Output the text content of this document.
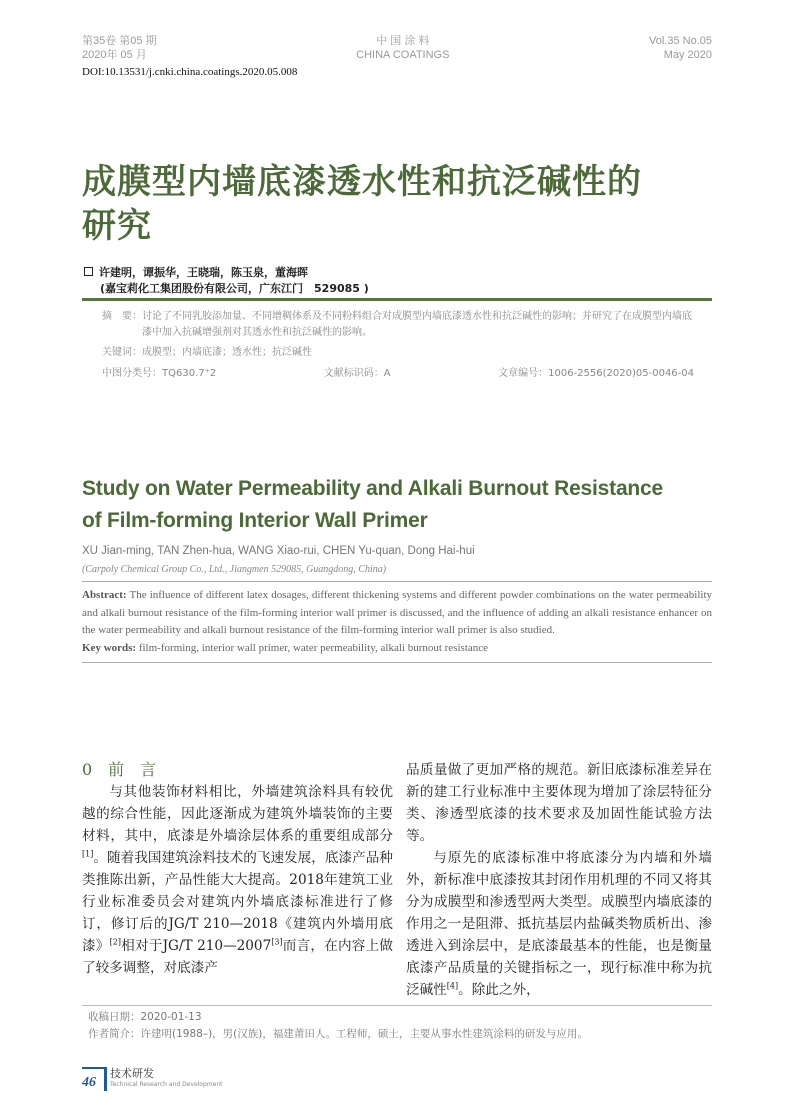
第35卷 第05 期
2020年 05 月
中 国 涂 料
CHINA COATINGS
Vol.35 No.05
May 2020
DOI:10.13531/j.cnki.china.coatings.2020.05.008
成膜型内墙底漆透水性和抗泛碱性的
研究
许建明，谭振华，王晓瑞，陈玉泉，董海晖
(嘉宝莉化工集团股份有限公司，广东江门　529085 )
摘　要： 讨论了不同乳胶添加量、不同增稠体系及不同粉料组合对成膜型内墙底漆透水性和抗泛碱性的影响；并研究了在成膜型内墙底漆中加入抗碱增强剂对其透水性和抗泛碱性的影响。
关键词：成膜型；内墙底漆；透水性；抗泛碱性
中图分类号：TQ630.7⁺2	文献标识码：A	文章编号：1006-2556(2020)05-0046-04
Study on Water Permeability and Alkali Burnout Resistance
of Film-forming Interior Wall Primer
XU Jian-ming, TAN Zhen-hua, WANG Xiao-rui, CHEN Yu-quan, Dong Hai-hui
(Carpoly Chemical Group Co., Ltd., Jiangmen 529085, Guangdong, China)
Abstract: The influence of different latex dosages, different thickening systems and different powder combinations on the water permeability and alkali burnout resistance of the film-forming interior wall primer is discussed, and the influence of adding an alkali resistance enhancer on the water permeability and alkali burnout resistance of the film-forming interior wall primer is also studied.
Key words: film-forming, interior wall primer, water permeability, alkali burnout resistance
0　前　言

与其他装饰材料相比，外墙建筑涂料具有较优越的综合性能，因此逐渐成为建筑外墙装饰的主要材料，其中，底漆是外墙涂层体系的重要组成部分[1]。随着我国建筑涂料技术的飞速发展，底漆产品种类推陈出新，产品性能大大提高。2018年建筑工业行业标准委员会对建筑内外墙底漆标准进行了修订，修订后的JG/T 210—2018《建筑内外墙用底漆》[2]相对于JG/T 210—2007[3]而言，在内容上做了较多调整，对底漆产

品质量做了更加严格的规范。新旧底漆标准差异在新的建工行业标准中主要体现为增加了涂层特征分类、渗透型底漆的技术要求及加固性能试验方法等。

与原先的底漆标准中将底漆分为内墙和外墙外，新标准中底漆按其封闭作用机理的不同又将其分为成膜型和渗透型两大类型。成膜型内墙底漆的作用之一是阻滞、抵抗基层内盐碱类物质析出、渗透进入到涂层中，是底漆最基本的性能，也是衡量底漆产品质量的关键指标之一，现行标准中称为抗泛碱性[4]。除此之外，

收稿日期：2020-01-13
作者简介：许建明(1988–)，男(汉族)，福建莆田人。工程师，硕士，主要从事水性建筑涂料的研发与应用。
46
技术研发
Technical Research and Development
